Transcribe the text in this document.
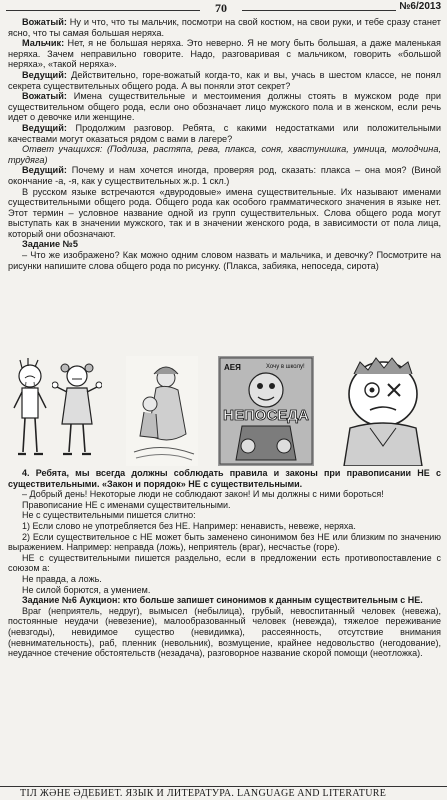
70	№6/2013

Вожатый: Ну и что, что ты мальчик, посмотри на свой костюм, на свои руки, и тебе сразу станет ясно, что ты самая большая неряха.

Мальчик: Нет, я не большая неряха. Это неверно. Я не могу быть большая, а даже маленькая неряха. Зачем неправильно говорите. Надо, разговаривая с мальчиком, говорить «большой неряха», «такой неряха».

Ведущий: Действительно, горе-вожатый когда-то, как и вы, учась в шестом классе, не понял секрета существительных общего рода. А вы поняли этот секрет?

Вожатый: Имена существительные и местоимения должны стоять в мужском роде при существительном общего рода, если оно обозначает лицо мужского пола и в женском, если речь идет о девочке или женщине.

Ведущий: Продолжим разговор. Ребята, с какими недостатками или положительными качествами могут оказаться рядом с вами в лагере?

Ответ учащихся: (Подлиза, растяпа, рева, плакса, соня, хвастунишка, умница, молодчина, трудяга)

Ведущий: Почему и нам хочется иногда, проверяя род, сказать: плакса – она моя? (Виной окончание -а, -я, как у существительных ж.р. 1 скл.)

В русском языке встречаются «двуродовые» имена существительные. Их называют именами существительными общего рода. Общего рода как особого грамматического значения в языке нет. Этот термин – условное название одной из групп существительных. Слова общего рода могут выступать как в значении мужского, так и в значении женского рода, в зависимости от пола лица, который они обозначают.

Задание №5

– Что же изображено? Как можно одним словом назвать и мальчика, и девочку? Посмотрите на рисунки напишите слова общего рода по рисунку. (Плакса, забияка, непоседа, сирота)

АЕЯ	Хочу в школу!
НЕПОСЕДА

4. Ребята, мы всегда должны соблюдать правила и законы при правописании НЕ с существительными. «Закон и порядок» НЕ с существительными.

– Добрый день! Некоторые люди не соблюдают закон! И мы должны с ними бороться!

Правописание НЕ с именами существительными.

Не с существительными пишется слитно:

1) Если слово не употребляется без НЕ. Например: ненависть, невеже, неряха.

2) Если существительное с НЕ может быть заменено синонимом без НЕ или близким по значению выражением. Например: неправда (ложь), неприятель (враг), несчастье (горе).

НЕ с существительными пишется раздельно, если в предложении есть противопоставление с союзом а:

Не правда, а ложь.

Не силой борются, а умением.

Задание №6 Аукцион: кто больше запишет синонимов к данным существительным с НЕ.

Враг (неприятель, недруг), вымысел (небылица), грубый, невоспитанный человек (невежа), постоянные неудачи (невезение), малообразованный человек (невежда), тяжелое переживание (невзгоды), невидимое существо (невидимка), рассеянность, отсутствие внимания (невнимательность), раб, пленник (невольник), возмущение, крайнее недовольство (негодование), неудачное стечение обстоятельств (незадача), разговорное название скорой помощи (неотложка).

ТІЛ ЖӘНЕ ӘДЕБИЕТ. ЯЗЫК И ЛИТЕРАТУРА. LANGUAGE AND LITERATURE
